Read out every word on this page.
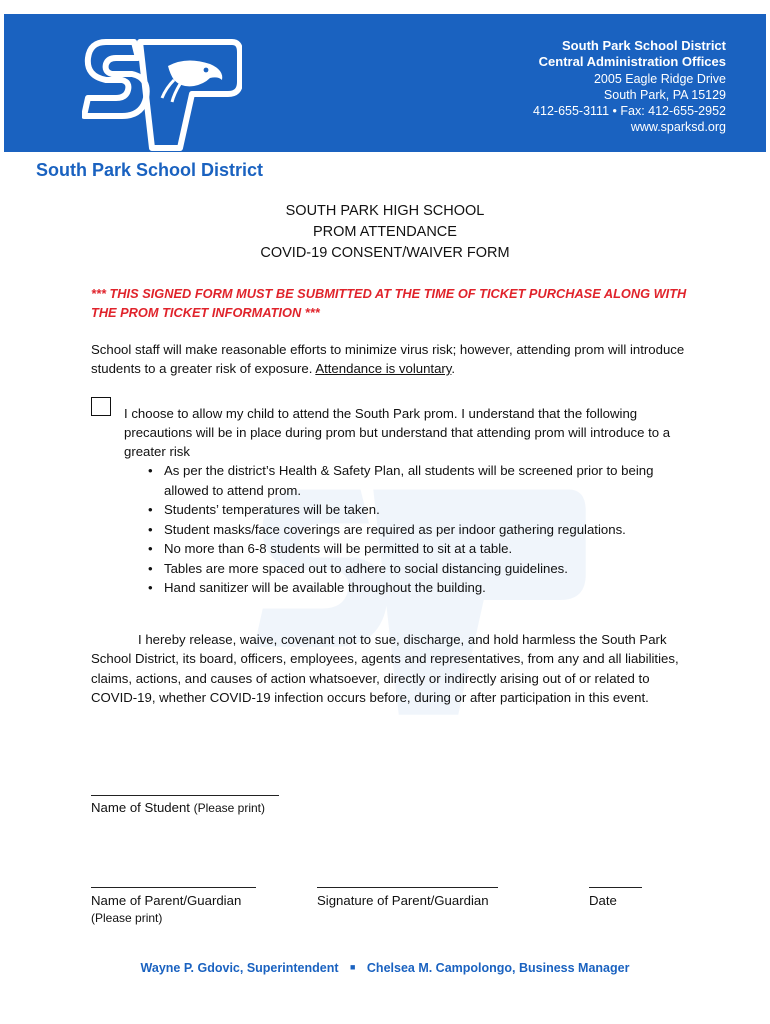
South Park School District
Central Administration Offices
2005 Eagle Ridge Drive
South Park, PA 15129
412-655-3111 • Fax: 412-655-2952
www.sparksd.org
South Park School District
SOUTH PARK HIGH SCHOOL
PROM ATTENDANCE
COVID-19 CONSENT/WAIVER FORM
*** THIS SIGNED FORM MUST BE SUBMITTED AT THE TIME OF TICKET PURCHASE ALONG WITH THE PROM TICKET INFORMATION ***
School staff will make reasonable efforts to minimize virus risk; however, attending prom will introduce students to a greater risk of exposure. Attendance is voluntary.
I choose to allow my child to attend the South Park prom. I understand that the following precautions will be in place during prom but understand that attending prom will introduce to a greater risk
• As per the district’s Health & Safety Plan, all students will be screened prior to being allowed to attend prom.
• Students’ temperatures will be taken.
• Student masks/face coverings are required as per indoor gathering regulations.
• No more than 6-8 students will be permitted to sit at a table.
• Tables are more spaced out to adhere to social distancing guidelines.
• Hand sanitizer will be available throughout the building.
I hereby release, waive, covenant not to sue, discharge, and hold harmless the South Park School District, its board, officers, employees, agents and representatives, from any and all liabilities, claims, actions, and causes of action whatsoever, directly or indirectly arising out of or related to COVID-19, whether COVID-19 infection occurs before, during or after participation in this event.
Name of Student (Please print)
Name of Parent/Guardian
(Please print)
Signature of Parent/Guardian	Date
Wayne P. Gdovic, Superintendent ■ Chelsea M. Campolongo, Business Manager
